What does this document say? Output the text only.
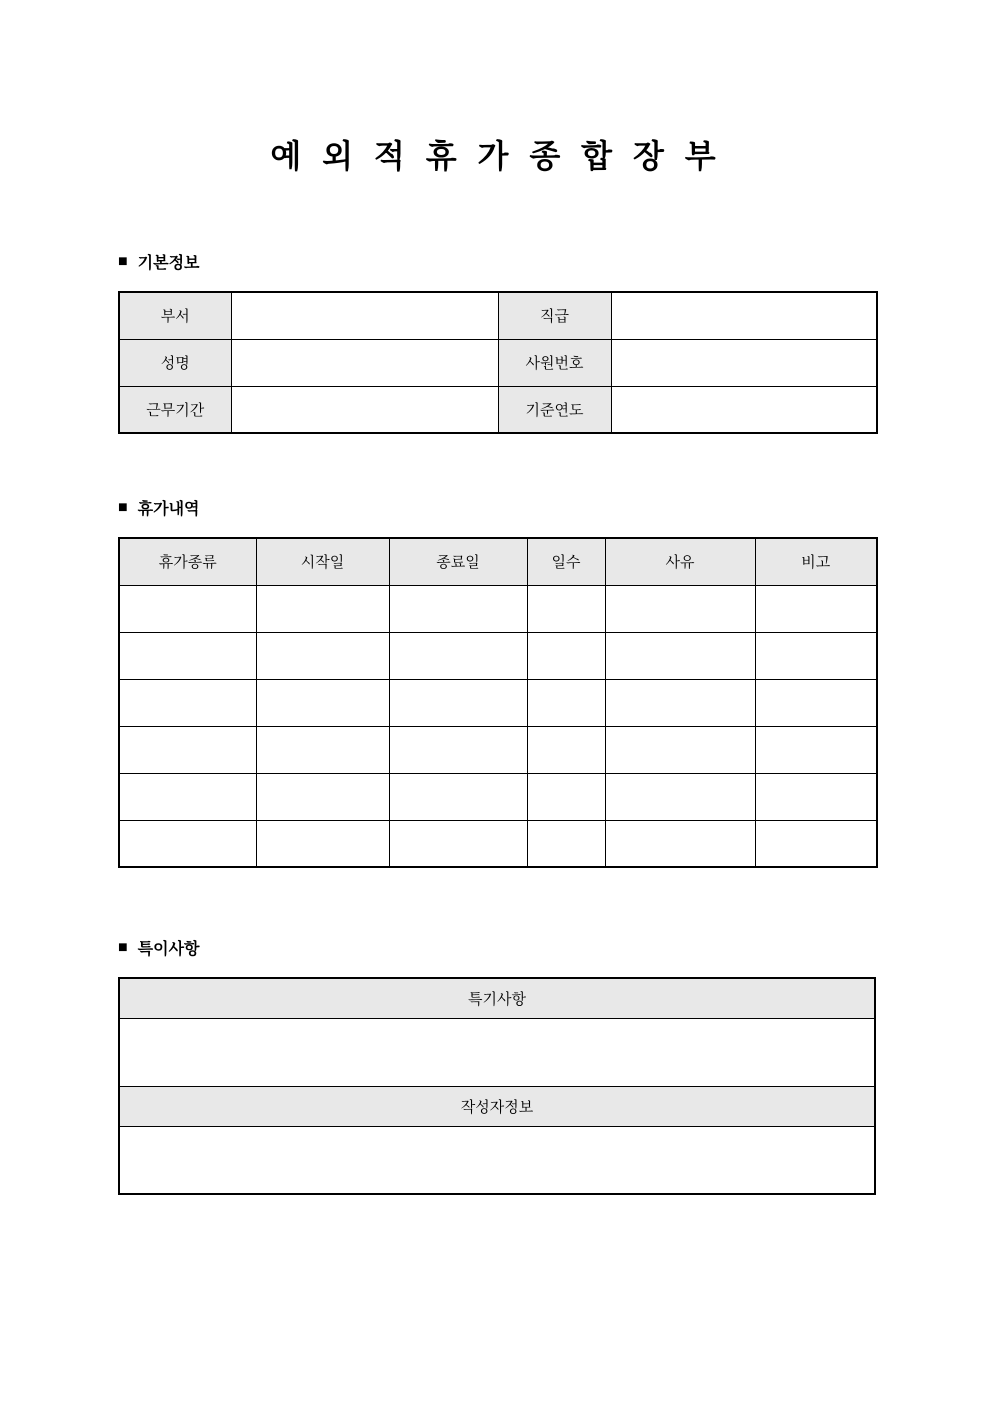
예 외 적 휴 가 종 합 장 부
■ 기본정보
부서		직급	
성명		사원번호	
근무기간		기준연도	
■ 휴가내역
휴가종류	시작일	종료일	일수	사유	비고

■ 특이사항
특기사항

작성자정보
